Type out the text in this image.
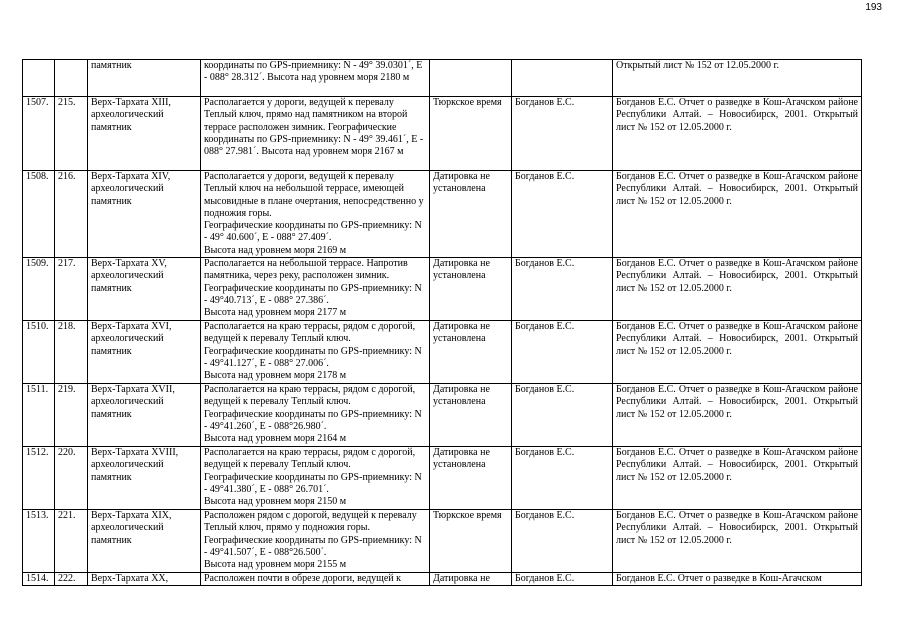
193
		памятник	координаты по GPS-приемнику: N - 49° 39.0301´, E - 088° 28.312´. Высота над уровнем моря 2180 м			Открытый лист № 152 от 12.05.2000 г.
1507.	215.	Верх-Тархата XIII, археологический памятник	Располагается у дороги, ведущей к перевалу Теплый ключ, прямо над памятником на второй террасе расположен зимник. Географические координаты по GPS-приемнику: N - 49° 39.461´, E - 088° 27.981´. Высота над уровнем моря 2167 м	Тюркское время	Богданов Е.С.	Богданов Е.С. Отчет о разведке в Кош-Агачском районе Республики Алтай. – Новосибирск, 2001. Открытый лист № 152 от 12.05.2000 г.
1508.	216.	Верх-Тархата XIV, археологический памятник	Располагается у дороги, ведущей к перевалу Теплый ключ на небольшой террасе, имеющей мысовидные в плане очертания, непосредственно у подножия горы.
Географические координаты по GPS-приемнику: N - 49° 40.600´, E - 088° 27.409´.
Высота над уровнем моря 2169 м	Датировка не установлена	Богданов Е.С.	Богданов Е.С. Отчет о разведке в Кош-Агачском районе Республики Алтай. – Новосибирск, 2001. Открытый лист № 152 от 12.05.2000 г.
1509.	217.	Верх-Тархата XV, археологический памятник	Располагается на небольшой террасе. Напротив памятника, через реку, расположен зимник.
Географические координаты по GPS-приемнику: N - 49°40.713´, E - 088° 27.386´.
Высота над уровнем моря 2177 м	Датировка не установлена	Богданов Е.С.	Богданов Е.С. Отчет о разведке в Кош-Агачском районе Республики Алтай. – Новосибирск, 2001. Открытый лист № 152 от 12.05.2000 г.
1510.	218.	Верх-Тархата XVI, археологический памятник	Располагается на краю террасы, рядом с дорогой, ведущей к перевалу Теплый ключ.
Географические координаты по GPS-приемнику: N - 49°41.127´, E - 088° 27.006´.
Высота над уровнем моря 2178 м	Датировка не установлена	Богданов Е.С.	Богданов Е.С. Отчет о разведке в Кош-Агачском районе Республики Алтай. – Новосибирск, 2001. Открытый лист № 152 от 12.05.2000 г.
1511.	219.	Верх-Тархата XVII, археологический памятник	Располагается на краю террасы, рядом с дорогой, ведущей к перевалу Теплый ключ.
Географические координаты по GPS-приемнику: N - 49°41.260´, E - 088°26.980´.
Высота над уровнем моря 2164 м	Датировка не установлена	Богданов Е.С.	Богданов Е.С. Отчет о разведке в Кош-Агачском районе Республики Алтай. – Новосибирск, 2001. Открытый лист № 152 от 12.05.2000 г.
1512.	220.	Верх-Тархата XVIII, археологический памятник	Располагается на краю террасы, рядом с дорогой, ведущей к перевалу Теплый ключ.
Географические координаты по GPS-приемнику: N - 49°41.380´, E - 088° 26.701´.
Высота над уровнем моря 2150 м	Датировка не установлена	Богданов Е.С.	Богданов Е.С. Отчет о разведке в Кош-Агачском районе Республики Алтай. – Новосибирск, 2001. Открытый лист № 152 от 12.05.2000 г.
1513.	221.	Верх-Тархата XIX, археологический памятник	Расположен рядом с дорогой, ведущей к перевалу Теплый ключ, прямо у подножия горы.
Географические координаты по GPS-приемнику: N - 49°41.507´, E - 088°26.500´.
Высота над уровнем моря 2155 м	Тюркское время	Богданов Е.С.	Богданов Е.С. Отчет о разведке в Кош-Агачском районе Республики Алтай. – Новосибирск, 2001. Открытый лист № 152 от 12.05.2000 г.
1514.	222.	Верх-Тархата XX,	Расположен почти в обрезе дороги, ведущей к	Датировка не	Богданов Е.С.	Богданов Е.С. Отчет о разведке в Кош-Агачском
